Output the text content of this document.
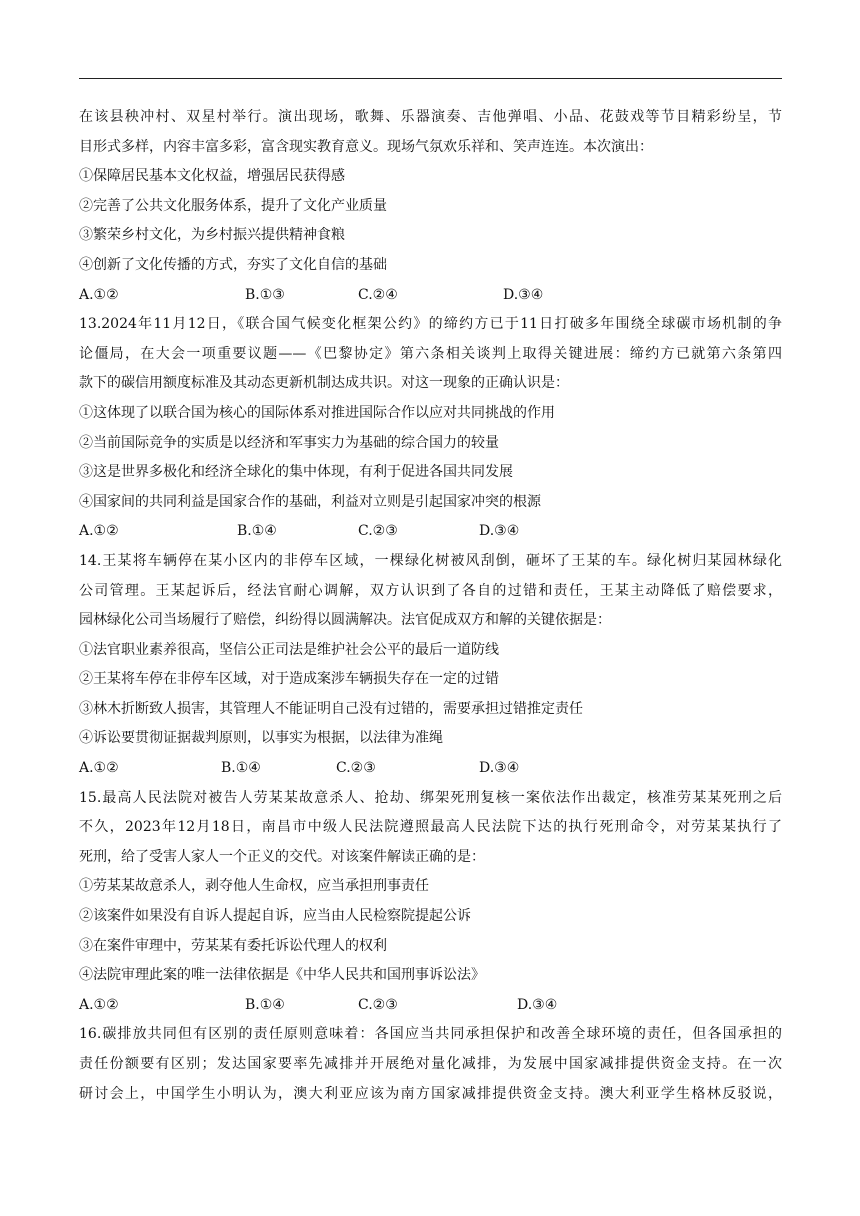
在该县秧冲村、双星村举行。演出现场，歌舞、乐器演奏、吉他弹唱、小品、花鼓戏等节目精彩纷呈，节
目形式多样，内容丰富多彩，富含现实教育意义。现场气氛欢乐祥和、笑声连连。本次演出：
①保障居民基本文化权益，增强居民获得感
②完善了公共文化服务体系，提升了文化产业质量
③繁荣乡村文化，为乡村振兴提供精神食粮
④创新了文化传播的方式，夯实了文化自信的基础
A.①②	B.①③	C.②④	D.③④
13.2024年11月12日，《联合国气候变化框架公约》的缔约方已于11日打破多年围绕全球碳市场机制的争
论僵局，在大会一项重要议题——《巴黎协定》第六条相关谈判上取得关键进展：缔约方已就第六条第四
款下的碳信用额度标准及其动态更新机制达成共识。对这一现象的正确认识是：
①这体现了以联合国为核心的国际体系对推进国际合作以应对共同挑战的作用
②当前国际竞争的实质是以经济和军事实力为基础的综合国力的较量
③这是世界多极化和经济全球化的集中体现，有利于促进各国共同发展
④国家间的共同利益是国家合作的基础，利益对立则是引起国家冲突的根源
A.①②	B.①④	C.②③	D.③④
14.王某将车辆停在某小区内的非停车区域，一棵绿化树被风刮倒，砸坏了王某的车。绿化树归某园林绿化
公司管理。王某起诉后，经法官耐心调解，双方认识到了各自的过错和责任，王某主动降低了赔偿要求，
园林绿化公司当场履行了赔偿，纠纷得以圆满解决。法官促成双方和解的关键依据是：
①法官职业素养很高，坚信公正司法是维护社会公平的最后一道防线
②王某将车停在非停车区域，对于造成案涉车辆损失存在一定的过错
③林木折断致人损害，其管理人不能证明自己没有过错的，需要承担过错推定责任
④诉讼要贯彻证据裁判原则，以事实为根据，以法律为准绳
A.①②	B.①④	C.②③	D.③④
15.最高人民法院对被告人劳某某故意杀人、抢劫、绑架死刑复核一案依法作出裁定，核准劳某某死刑之后
不久，2023年12月18日，南昌市中级人民法院遵照最高人民法院下达的执行死刑命令，对劳某某执行了
死刑，给了受害人家人一个正义的交代。对该案件解读正确的是：
①劳某某故意杀人，剥夺他人生命权，应当承担刑事责任
②该案件如果没有自诉人提起自诉，应当由人民检察院提起公诉
③在案件审理中，劳某某有委托诉讼代理人的权利
④法院审理此案的唯一法律依据是《中华人民共和国刑事诉讼法》
A.①②	B.①④	C.②③	D.③④
16.碳排放共同但有区别的责任原则意味着：各国应当共同承担保护和改善全球环境的责任，但各国承担的
责任份额要有区别；发达国家要率先减排并开展绝对量化减排，为发展中国家减排提供资金支持。在一次
研讨会上，中国学生小明认为，澳大利亚应该为南方国家减排提供资金支持。澳大利亚学生格林反驳说，
